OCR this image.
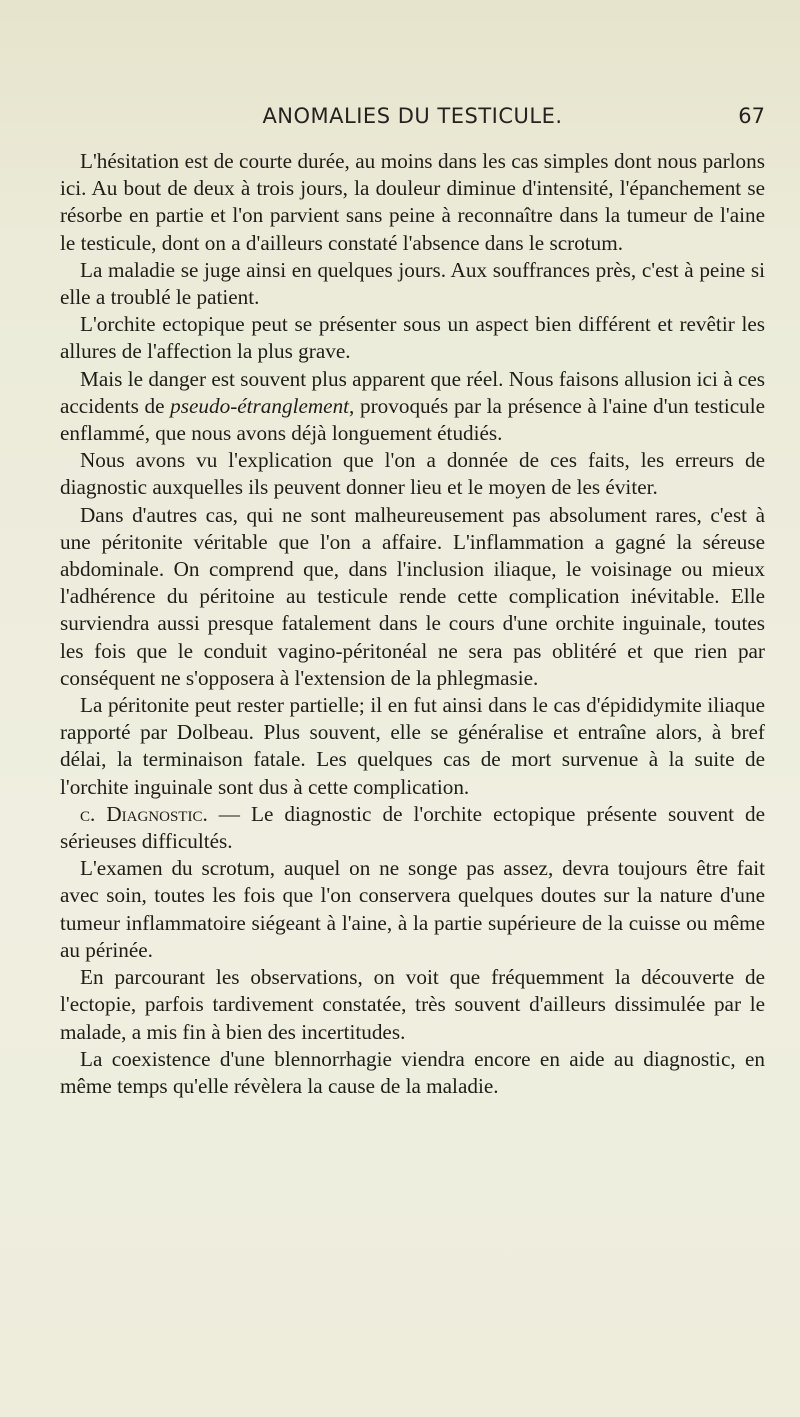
ANOMALIES DU TESTICULE.	67

L'hésitation est de courte durée, au moins dans les cas simples dont nous parlons ici. Au bout de deux à trois jours, la douleur diminue d'intensité, l'épanchement se résorbe en partie et l'on parvient sans peine à reconnaître dans la tumeur de l'aine le testicule, dont on a d'ailleurs constaté l'absence dans le scrotum.

La maladie se juge ainsi en quelques jours. Aux souffrances près, c'est à peine si elle a troublé le patient.

L'orchite ectopique peut se présenter sous un aspect bien différent et revêtir les allures de l'affection la plus grave.

Mais le danger est souvent plus apparent que réel. Nous faisons allusion ici à ces accidents de pseudo-étranglement, provoqués par la présence à l'aine d'un testicule enflammé, que nous avons déjà longuement étudiés.

Nous avons vu l'explication que l'on a donnée de ces faits, les erreurs de diagnostic auxquelles ils peuvent donner lieu et le moyen de les éviter.

Dans d'autres cas, qui ne sont malheureusement pas absolument rares, c'est à une péritonite véritable que l'on a affaire. L'inflammation a gagné la séreuse abdominale. On comprend que, dans l'inclusion iliaque, le voisinage ou mieux l'adhérence du péritoine au testicule rende cette complication inévitable. Elle surviendra aussi presque fatalement dans le cours d'une orchite inguinale, toutes les fois que le conduit vagino-péritonéal ne sera pas oblitéré et que rien par conséquent ne s'opposera à l'extension de la phlegmasie.

La péritonite peut rester partielle; il en fut ainsi dans le cas d'épididymite iliaque rapporté par Dolbeau. Plus souvent, elle se généralise et entraîne alors, à bref délai, la terminaison fatale. Les quelques cas de mort survenue à la suite de l'orchite inguinale sont dus à cette complication.

c. Diagnostic. — Le diagnostic de l'orchite ectopique présente souvent de sérieuses difficultés.

L'examen du scrotum, auquel on ne songe pas assez, devra toujours être fait avec soin, toutes les fois que l'on conservera quelques doutes sur la nature d'une tumeur inflammatoire siégeant à l'aine, à la partie supérieure de la cuisse ou même au périnée.

En parcourant les observations, on voit que fréquemment la découverte de l'ectopie, parfois tardivement constatée, très souvent d'ailleurs dissimulée par le malade, a mis fin à bien des incertitudes.

La coexistence d'une blennorrhagie viendra encore en aide au diagnostic, en même temps qu'elle révèlera la cause de la maladie.
